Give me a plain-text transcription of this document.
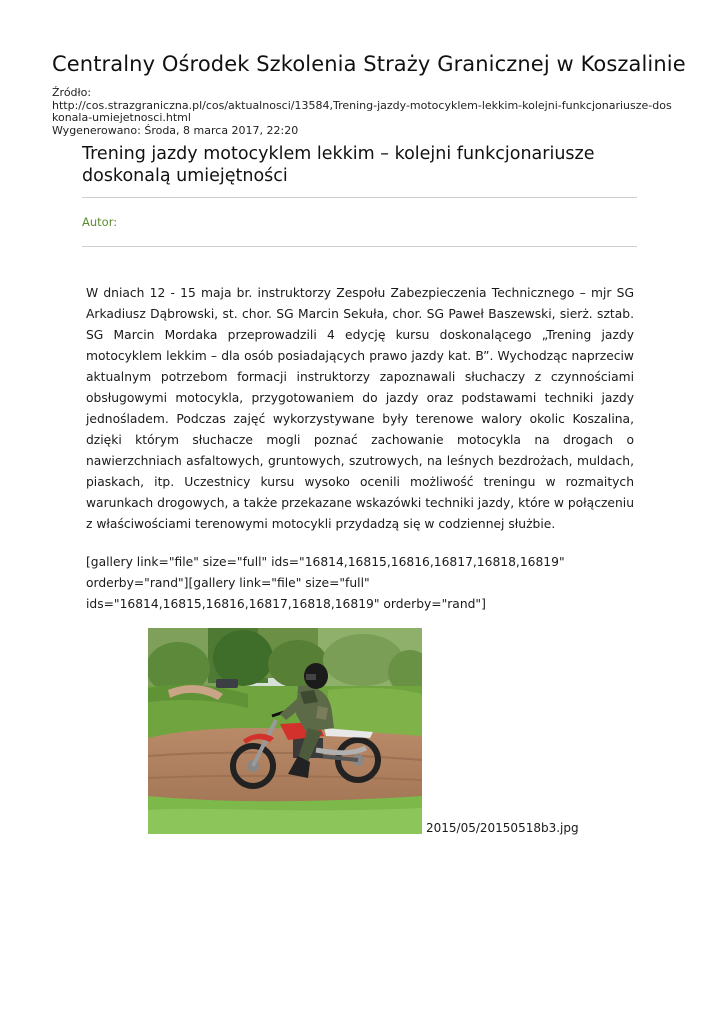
Centralny Ośrodek Szkolenia Straży Granicznej w Koszalinie
Źródło:
http://cos.strazgraniczna.pl/cos/aktualnosci/13584,Trening-jazdy-motocyklem-lekkim-kolejni-funkcjonariusze-doskonala-umiejetnosci.html
Wygenerowano: Środa, 8 marca 2017, 22:20
Trening jazdy motocyklem lekkim – kolejni funkcjonariusze doskonalą umiejętności
Autor:

W dniach 12 - 15 maja br. instruktorzy Zespołu Zabezpieczenia Technicznego – mjr SG Arkadiusz Dąbrowski, st. chor. SG Marcin Sekuła, chor. SG Paweł Baszewski, sierż. sztab. SG Marcin Mordaka przeprowadzili 4 edycję kursu doskonalącego „Trening jazdy motocyklem lekkim – dla osób posiadających prawo jazdy kat. B”. Wychodząc naprzeciw aktualnym potrzebom formacji instruktorzy zapoznawali słuchaczy z czynnościami obsługowymi motocykla, przygotowaniem do jazdy oraz podstawami techniki jazdy jednośladem. Podczas zajęć wykorzystywane były terenowe walory okolic Koszalina, dzięki którym słuchacze mogli poznać zachowanie motocykla na drogach o nawierzchniach asfaltowych, gruntowych, szutrowych, na leśnych bezdrożach, muldach, piaskach, itp. Uczestnicy kursu wysoko ocenili możliwość treningu w rozmaitych warunkach drogowych, a także przekazane wskazówki techniki jazdy, które w połączeniu z właściwościami terenowymi motocykli przydadzą się w codziennej służbie.

[gallery link="file" size="full" ids="16814,16815,16816,16817,16818,16819" orderby="rand"][gallery link="file" size="full" ids="16814,16815,16816,16817,16818,16819" orderby="rand"]

2015/05/20150518b3.jpg
